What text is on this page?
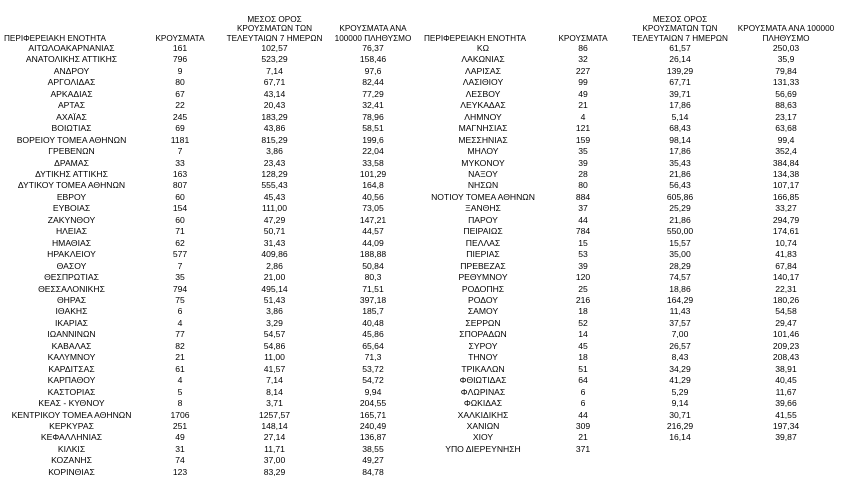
ΠΕΡΙΦΕΡΕΙΑΚΗ ΕΝΟΤΗΤΑ	ΚΡΟΥΣΜΑΤΑ	ΜΕΣΟΣ ΟΡΟΣ ΚΡΟΥΣΜΑΤΩΝ ΤΩΝ ΤΕΛΕΥΤΑΙΩΝ 7 ΗΜΕΡΩΝ	ΚΡΟΥΣΜΑΤΑ ΑΝΑ 100000 ΠΛΗΘΥΣΜΟ
ΑΙΤΩΛΟΑΚΑΡΝΑΝΙΑΣ	161	102,57	76,37
ΑΝΑΤΟΛΙΚΗΣ ΑΤΤΙΚΗΣ	796	523,29	158,46
ΑΝΔΡΟΥ	9	7,14	97,6
ΑΡΓΟΛΙΔΑΣ	80	67,71	82,44
ΑΡΚΑΔΙΑΣ	67	43,14	77,29
ΑΡΤΑΣ	22	20,43	32,41
ΑΧΑΪΑΣ	245	183,29	78,96
ΒΟΙΩΤΙΑΣ	69	43,86	58,51
ΒΟΡΕΙΟΥ ΤΟΜΕΑ ΑΘΗΝΩΝ	1181	815,29	199,6
ΓΡΕΒΕΝΩΝ	7	3,86	22,04
ΔΡΑΜΑΣ	33	23,43	33,58
ΔΥΤΙΚΗΣ ΑΤΤΙΚΗΣ	163	128,29	101,29
ΔΥΤΙΚΟΥ ΤΟΜΕΑ ΑΘΗΝΩΝ	807	555,43	164,8
ΕΒΡΟΥ	60	45,43	40,56
ΕΥΒΟΙΑΣ	154	111,00	73,05
ΖΑΚΥΝΘΟΥ	60	47,29	147,21
ΗΛΕΙΑΣ	71	50,71	44,57
ΗΜΑΘΙΑΣ	62	31,43	44,09
ΗΡΑΚΛΕΙΟΥ	577	409,86	188,88
ΘΑΣΟΥ	7	2,86	50,84
ΘΕΣΠΡΩΤΙΑΣ	35	21,00	80,3
ΘΕΣΣΑΛΟΝΙΚΗΣ	794	495,14	71,51
ΘΗΡΑΣ	75	51,43	397,18
ΙΘΑΚΗΣ	6	3,86	185,7
ΙΚΑΡΙΑΣ	4	3,29	40,48
ΙΩΑΝΝΙΝΩΝ	77	54,57	45,86
ΚΑΒΑΛΑΣ	82	54,86	65,64
ΚΑΛΥΜΝΟΥ	21	11,00	71,3
ΚΑΡΔΙΤΣΑΣ	61	41,57	53,72
ΚΑΡΠΑΘΟΥ	4	7,14	54,72
ΚΑΣΤΟΡΙΑΣ	5	8,14	9,94
ΚΕΑΣ - ΚΥΘΝΟΥ	8	3,71	204,55
ΚΕΝΤΡΙΚΟΥ ΤΟΜΕΑ ΑΘΗΝΩΝ	1706	1257,57	165,71
ΚΕΡΚΥΡΑΣ	251	148,14	240,49
ΚΕΦΑΛΛΗΝΙΑΣ	49	27,14	136,87
ΚΙΛΚΙΣ	31	11,71	38,55
ΚΟΖΑΝΗΣ	74	37,00	49,27
ΚΟΡΙΝΘΙΑΣ	123	83,29	84,78
ΠΕΡΙΦΕΡΕΙΑΚΗ ΕΝΟΤΗΤΑ	ΚΡΟΥΣΜΑΤΑ	ΜΕΣΟΣ ΟΡΟΣ ΚΡΟΥΣΜΑΤΩΝ ΤΩΝ ΤΕΛΕΥΤΑΙΩΝ 7 ΗΜΕΡΩΝ	ΚΡΟΥΣΜΑΤΑ ΑΝΑ 100000 ΠΛΗΘΥΣΜΟ
ΚΩ	86	61,57	250,03
ΛΑΚΩΝΙΑΣ	32	26,14	35,9
ΛΑΡΙΣΑΣ	227	139,29	79,84
ΛΑΣΙΘΙΟΥ	99	67,71	131,33
ΛΕΣΒΟΥ	49	39,71	56,69
ΛΕΥΚΑΔΑΣ	21	17,86	88,63
ΛΗΜΝΟΥ	4	5,14	23,17
ΜΑΓΝΗΣΙΑΣ	121	68,43	63,68
ΜΕΣΣΗΝΙΑΣ	159	98,14	99,4
ΜΗΛΟΥ	35	17,86	352,4
ΜΥΚΟΝΟΥ	39	35,43	384,84
ΝΑΞΟΥ	28	21,86	134,38
ΝΗΣΩΝ	80	56,43	107,17
ΝΟΤΙΟΥ ΤΟΜΕΑ ΑΘΗΝΩΝ	884	605,86	166,85
ΞΑΝΘΗΣ	37	25,29	33,27
ΠΑΡΟΥ	44	21,86	294,79
ΠΕΙΡΑΙΩΣ	784	550,00	174,61
ΠΕΛΛΑΣ	15	15,57	10,74
ΠΙΕΡΙΑΣ	53	35,00	41,83
ΠΡΕΒΕΖΑΣ	39	28,29	67,84
ΡΕΘΥΜΝΟΥ	120	74,57	140,17
ΡΟΔΟΠΗΣ	25	18,86	22,31
ΡΟΔΟΥ	216	164,29	180,26
ΣΑΜΟΥ	18	11,43	54,58
ΣΕΡΡΩΝ	52	37,57	29,47
ΣΠΟΡΑΔΩΝ	14	7,00	101,46
ΣΥΡΟΥ	45	26,57	209,23
ΤΗΝΟΥ	18	8,43	208,43
ΤΡΙΚΑΛΩΝ	51	34,29	38,91
ΦΘΙΩΤΙΔΑΣ	64	41,29	40,45
ΦΛΩΡΙΝΑΣ	6	5,29	11,67
ΦΩΚΙΔΑΣ	6	9,14	39,66
ΧΑΛΚΙΔΙΚΗΣ	44	30,71	41,55
ΧΑΝΙΩΝ	309	216,29	197,34
ΧΙΟΥ	21	16,14	39,87
ΥΠΟ ΔΙΕΡΕΥΝΗΣΗ	371		
